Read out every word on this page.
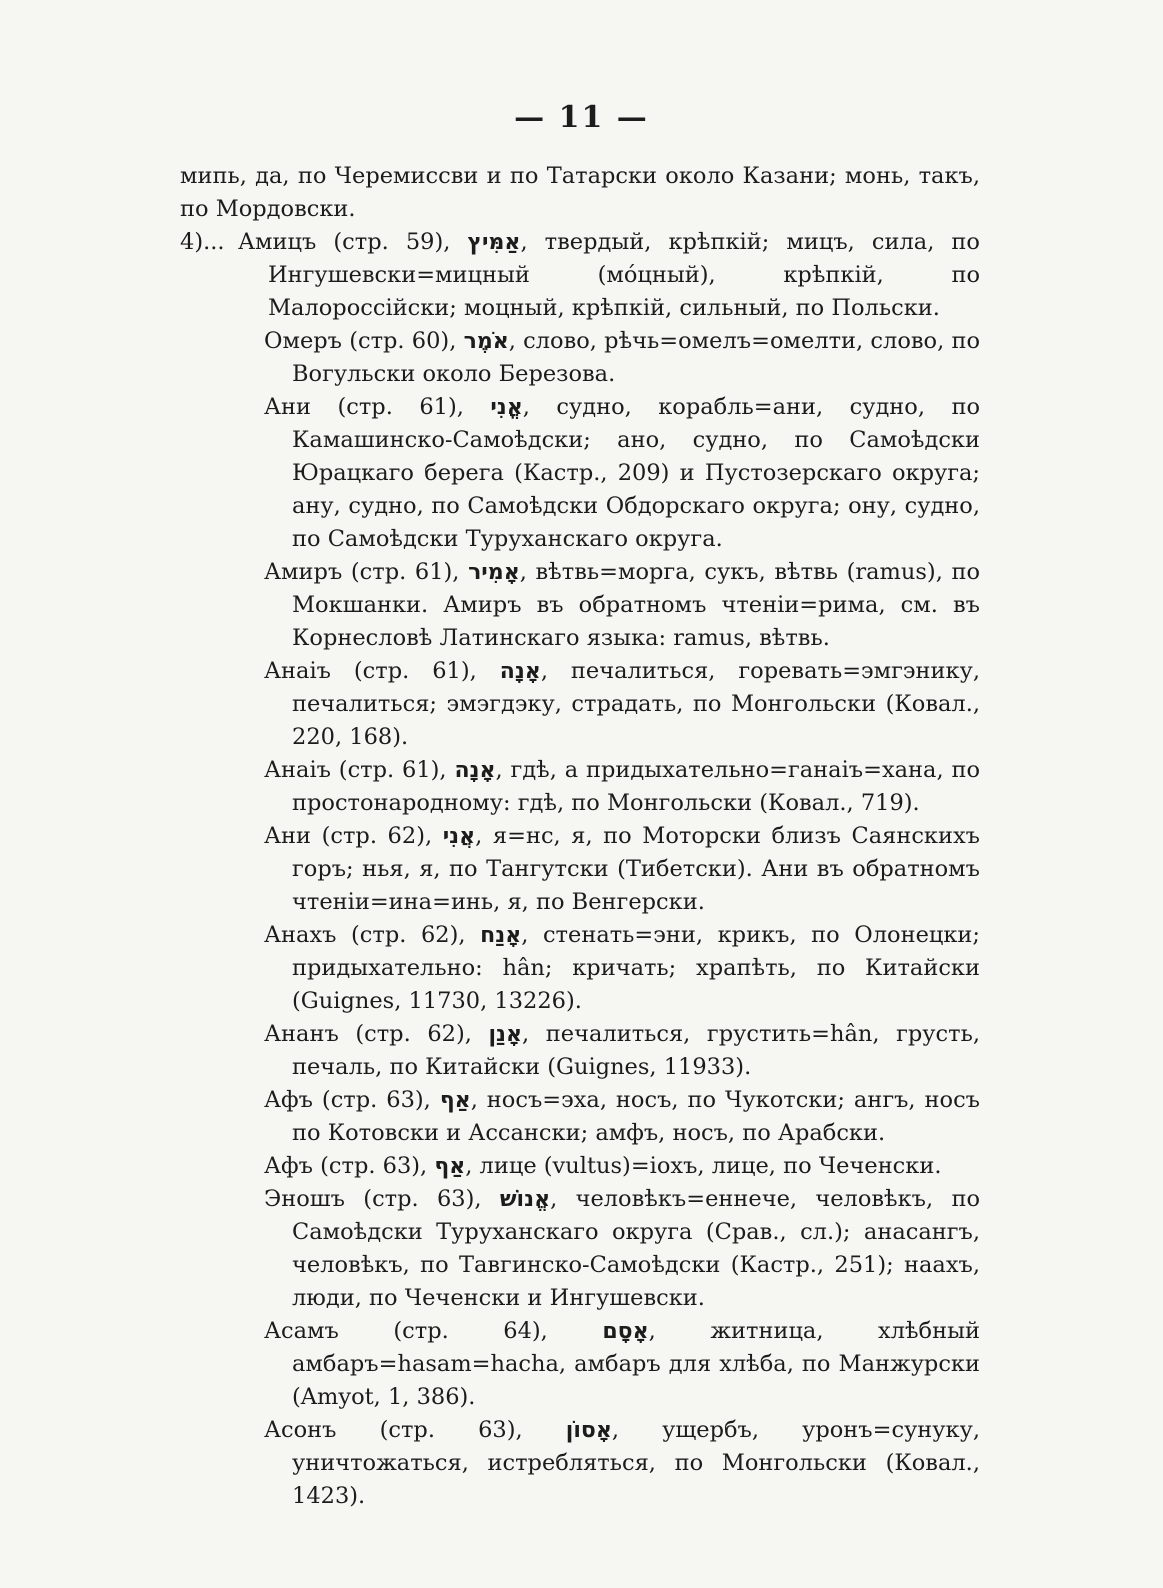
— 11 —

мипь, да, по Черемиссви и по Татарски около Казани; монь, такъ, по Мордовски.

4)... Амицъ (стр. 59), אַמִּיץ, твердый, крѣпкій; мицъ, сила, по Ингушевски=мицный (мóцный), крѣпкій, по Малороссійски; моцный, крѣпкій, сильный, по Польски.

Омеръ (стр. 60), אֹמֶר, слово, рѣчь=омелъ=омелти, слово, по Вогульски около Березова.

Ани (стр. 61), אֳנִי, судно, корабль=ани, судно, по Камашинско-Самоѣдски; ано, судно, по Самоѣдски Юрацкаго берега (Кастр., 209) и Пустозерскаго округа; ану, судно, по Самоѣдски Обдорскаго округа; ону, судно, по Самоѣдски Туруханскаго округа.

Амиръ (стр. 61), אָמִיר, вѣтвь=морга, сукъ, вѣтвь (ramus), по Мокшанки. Амиръ въ обратномъ чтеніи=рима, см. въ Корнесловѣ Латинскаго языка: ramus, вѣтвь.

Анаіъ (стр. 61), אָנָה, печалиться, горевать=эмгэнику, печалиться; эмэгдэку, страдать, по Монгольски (Ковал., 220, 168).

Анаіъ (стр. 61), אָנָה, гдѣ, а придыхательно=ганаіъ=хана, по простонародному: гдѣ, по Монгольски (Ковал., 719).

Ани (стр. 62), אֲנִי, я=нс, я, по Моторски близъ Саянскихъ горъ; нья, я, по Тангутски (Тибетски). Ани въ обратномъ чтеніи=ина=инь, я, по Венгерски.

Анахъ (стр. 62), אָנַח, стенать=эни, крикъ, по Олонецки; придыхательно: hân; кричать; храпѣть, по Китайски (Guignes, 11730, 13226).

Ананъ (стр. 62), אָנַן, печалиться, грустить=hân, грусть, печаль, по Китайски (Guignes, 11933).

Афъ (стр. 63), אַף, носъ=эха, носъ, по Чукотски; ангъ, носъ по Котовски и Ассански; амфъ, носъ, по Арабски.

Афъ (стр. 63), אַף, лице (vultus)=іохъ, лице, по Чеченски.

Эношъ (стр. 63), אֱנוֹשׁ, человѣкъ=еннече, человѣкъ, по Самоѣдски Туруханскаго округа (Срав., сл.); анасангъ, человѣкъ, по Тавгинско-Самоѣдски (Кастр., 251); наахъ, люди, по Чеченски и Ингушевски.

Асамъ (стр. 64), אָסָם, житница, хлѣбный амбаръ=hasam=hacha, амбаръ для хлѣба, по Манжурски (Amyot, 1, 386).

Асонъ (стр. 63), אָסוֹן, ущербъ, уронъ=сунуку, уничтожаться, истребляться, по Монгольски (Ковал., 1423).
